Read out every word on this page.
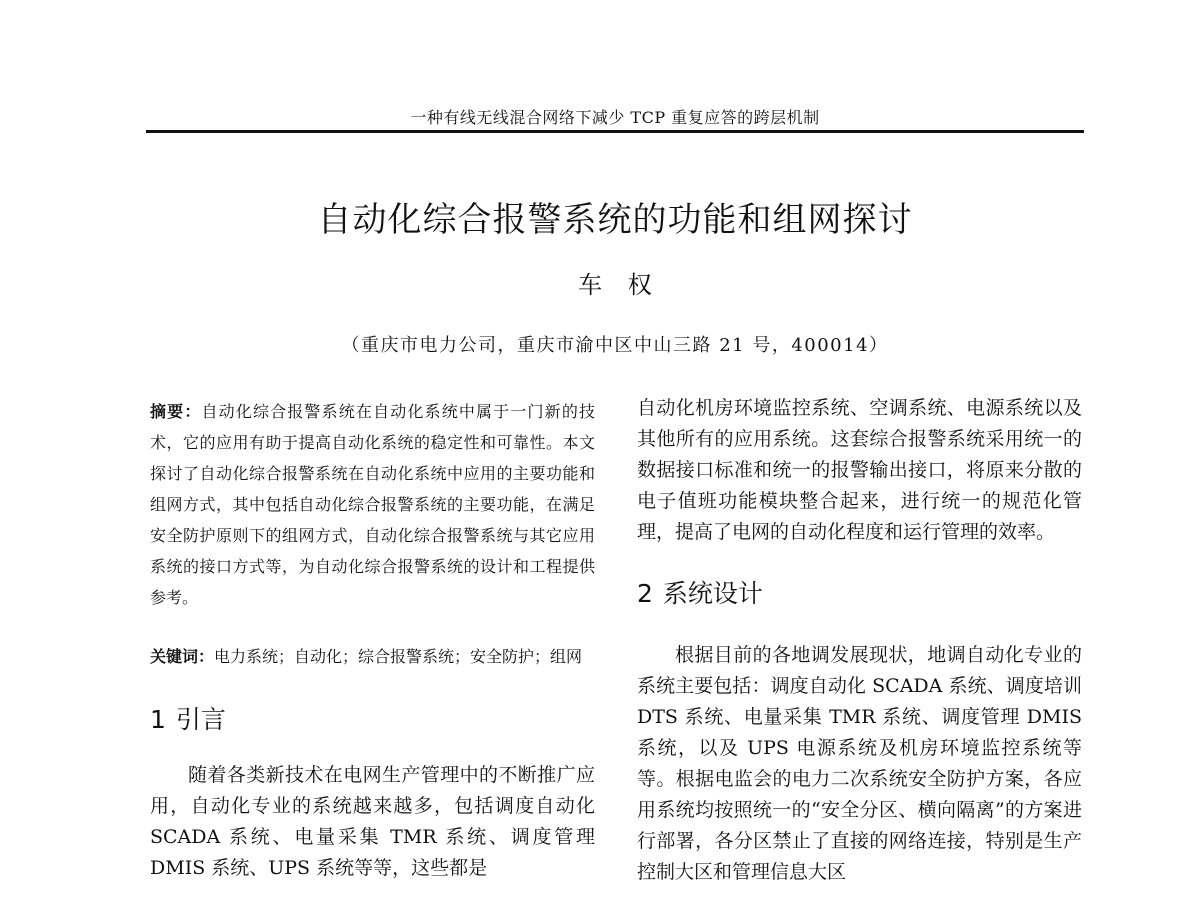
一种有线无线混合网络下减少 TCP 重复应答的跨层机制
自动化综合报警系统的功能和组网探讨
车 权
（重庆市电力公司，重庆市渝中区中山三路 21 号，400014）

摘要：自动化综合报警系统在自动化系统中属于一门新的技术，它的应用有助于提高自动化系统的稳定性和可靠性。本文探讨了自动化综合报警系统在自动化系统中应用的主要功能和组网方式，其中包括自动化综合报警系统的主要功能，在满足安全防护原则下的组网方式，自动化综合报警系统与其它应用系统的接口方式等，为自动化综合报警系统的设计和工程提供参考。

关键词：电力系统；自动化；综合报警系统；安全防护；组网

1 引言

随着各类新技术在电网生产管理中的不断推广应用，自动化专业的系统越来越多，包括调度自动化 SCADA 系统、电量采集 TMR 系统、调度管理 DMIS 系统、UPS 系统等等，这些都是

自动化机房环境监控系统、空调系统、电源系统以及其他所有的应用系统。这套综合报警系统采用统一的数据接口标准和统一的报警输出接口，将原来分散的电子值班功能模块整合起来，进行统一的规范化管理，提高了电网的自动化程度和运行管理的效率。

2 系统设计

根据目前的各地调发展现状，地调自动化专业的系统主要包括：调度自动化 SCADA 系统、调度培训 DTS 系统、电量采集 TMR 系统、调度管理 DMIS 系统，以及 UPS 电源系统及机房环境监控系统等等。根据电监会的电力二次系统安全防护方案，各应用系统均按照统一的“安全分区、横向隔离”的方案进行部署，各分区禁止了直接的网络连接，特别是生产控制大区和管理信息大区
